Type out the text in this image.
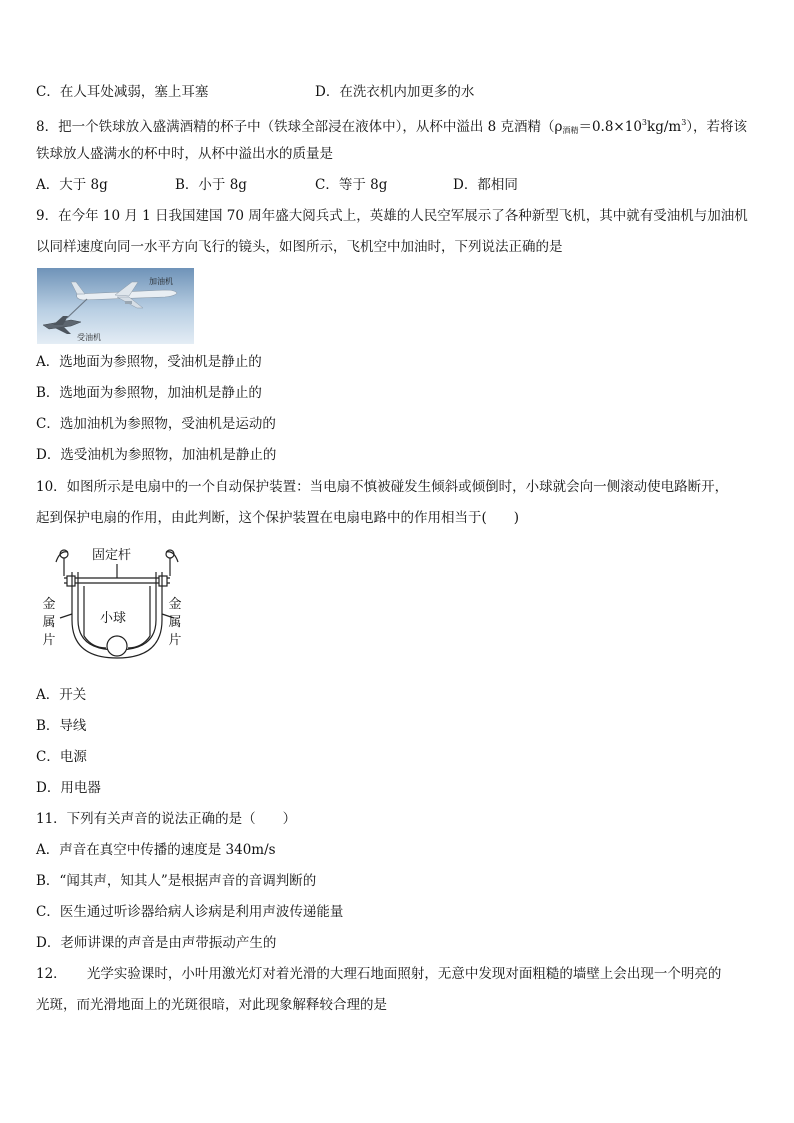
C．在人耳处减弱，塞上耳塞	D．在洗衣机内加更多的水
8．把一个铁球放入盛满酒精的杯子中（铁球全部浸在液体中），从杯中溢出 8 克酒精$(\rho_{酒精}=0.8\times 10^3kg/m^3)$，若将该
铁球放人盛满水的杯中时，从杯中溢出水的质量是
A．大于 8g	B．小于 8g	C．等于 8g	D．都相同
9．在今年 10 月 1 日我国建国 70 周年盛大阅兵式上，英雄的人民空军展示了各种新型飞机，其中就有受油机与加油机
以同样速度向同一水平方向飞行的镜头，如图所示，飞机空中加油时，下列说法正确的是
加油机
受油机
A．选地面为参照物，受油机是静止的
B．选地面为参照物，加油机是静止的
C．选加油机为参照物，受油机是运动的
D．选受油机为参照物，加油机是静止的
10．如图所示是电扇中的一个自动保护装置：当电扇不慎被碰发生倾斜或倾倒时，小球就会向一侧滚动使电路断开，
起到保护电扇的作用，由此判断，这个保护装置在电扇电路中的作用相当于(　　)
固定杆
小球
金
属
片
金
属
片
A．开关
B．导线
C．电源
D．用电器
11．下列有关声音的说法正确的是（　　）
A．声音在真空中传播的速度是 340m/s
B．“闻其声，知其人”是根据声音的音调判断的
C．医生通过听诊器给病人诊病是利用声波传递能量
D．老师讲课的声音是由声带振动产生的
12．　　光学实验课时，小叶用激光灯对着光滑的大理石地面照射，无意中发现对面粗糙的墙壁上会出现一个明亮的
光斑，而光滑地面上的光斑很暗，对此现象解释较合理的是
